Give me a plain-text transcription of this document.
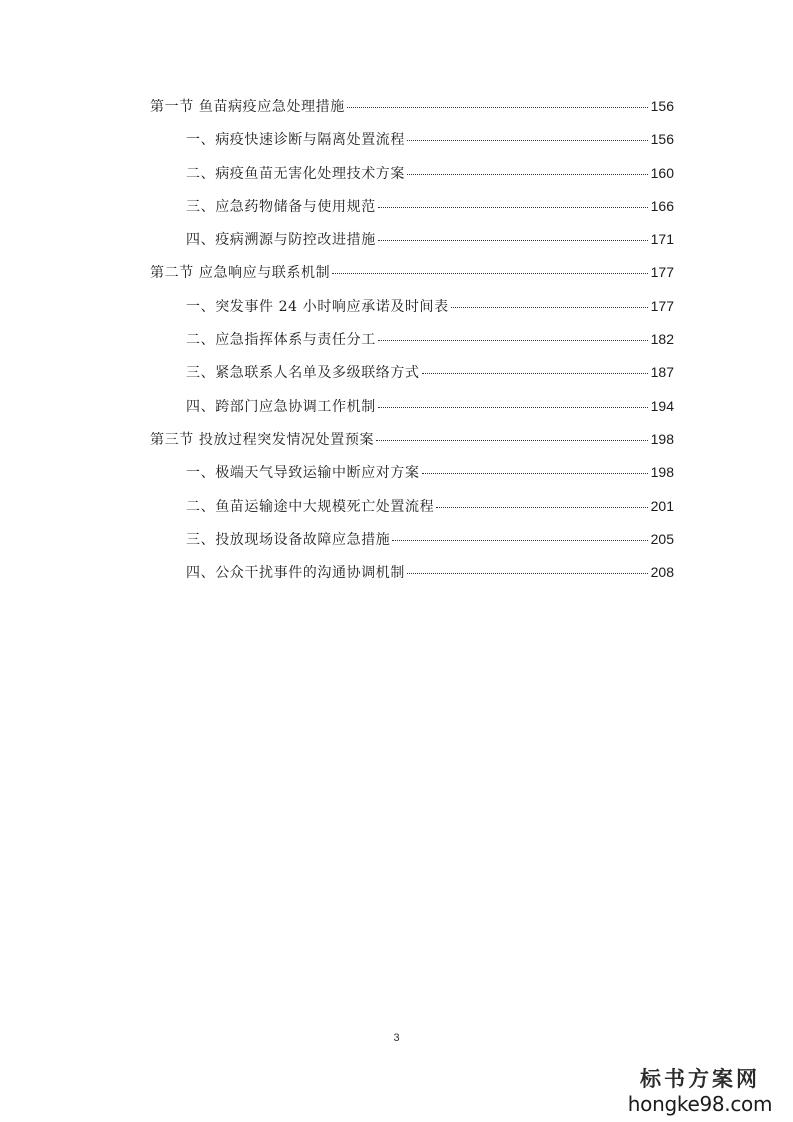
第一节 鱼苗病疫应急处理措施	156
一、病疫快速诊断与隔离处置流程	156
二、病疫鱼苗无害化处理技术方案	160
三、应急药物储备与使用规范	166
四、疫病溯源与防控改进措施	171
第二节 应急响应与联系机制	177
一、突发事件 24 小时响应承诺及时间表	177
二、应急指挥体系与责任分工	182
三、紧急联系人名单及多级联络方式	187
四、跨部门应急协调工作机制	194
第三节 投放过程突发情况处置预案	198
一、极端天气导致运输中断应对方案	198
二、鱼苗运输途中大规模死亡处置流程	201
三、投放现场设备故障应急措施	205
四、公众干扰事件的沟通协调机制	208
3
标书方案网
hongke98.com
